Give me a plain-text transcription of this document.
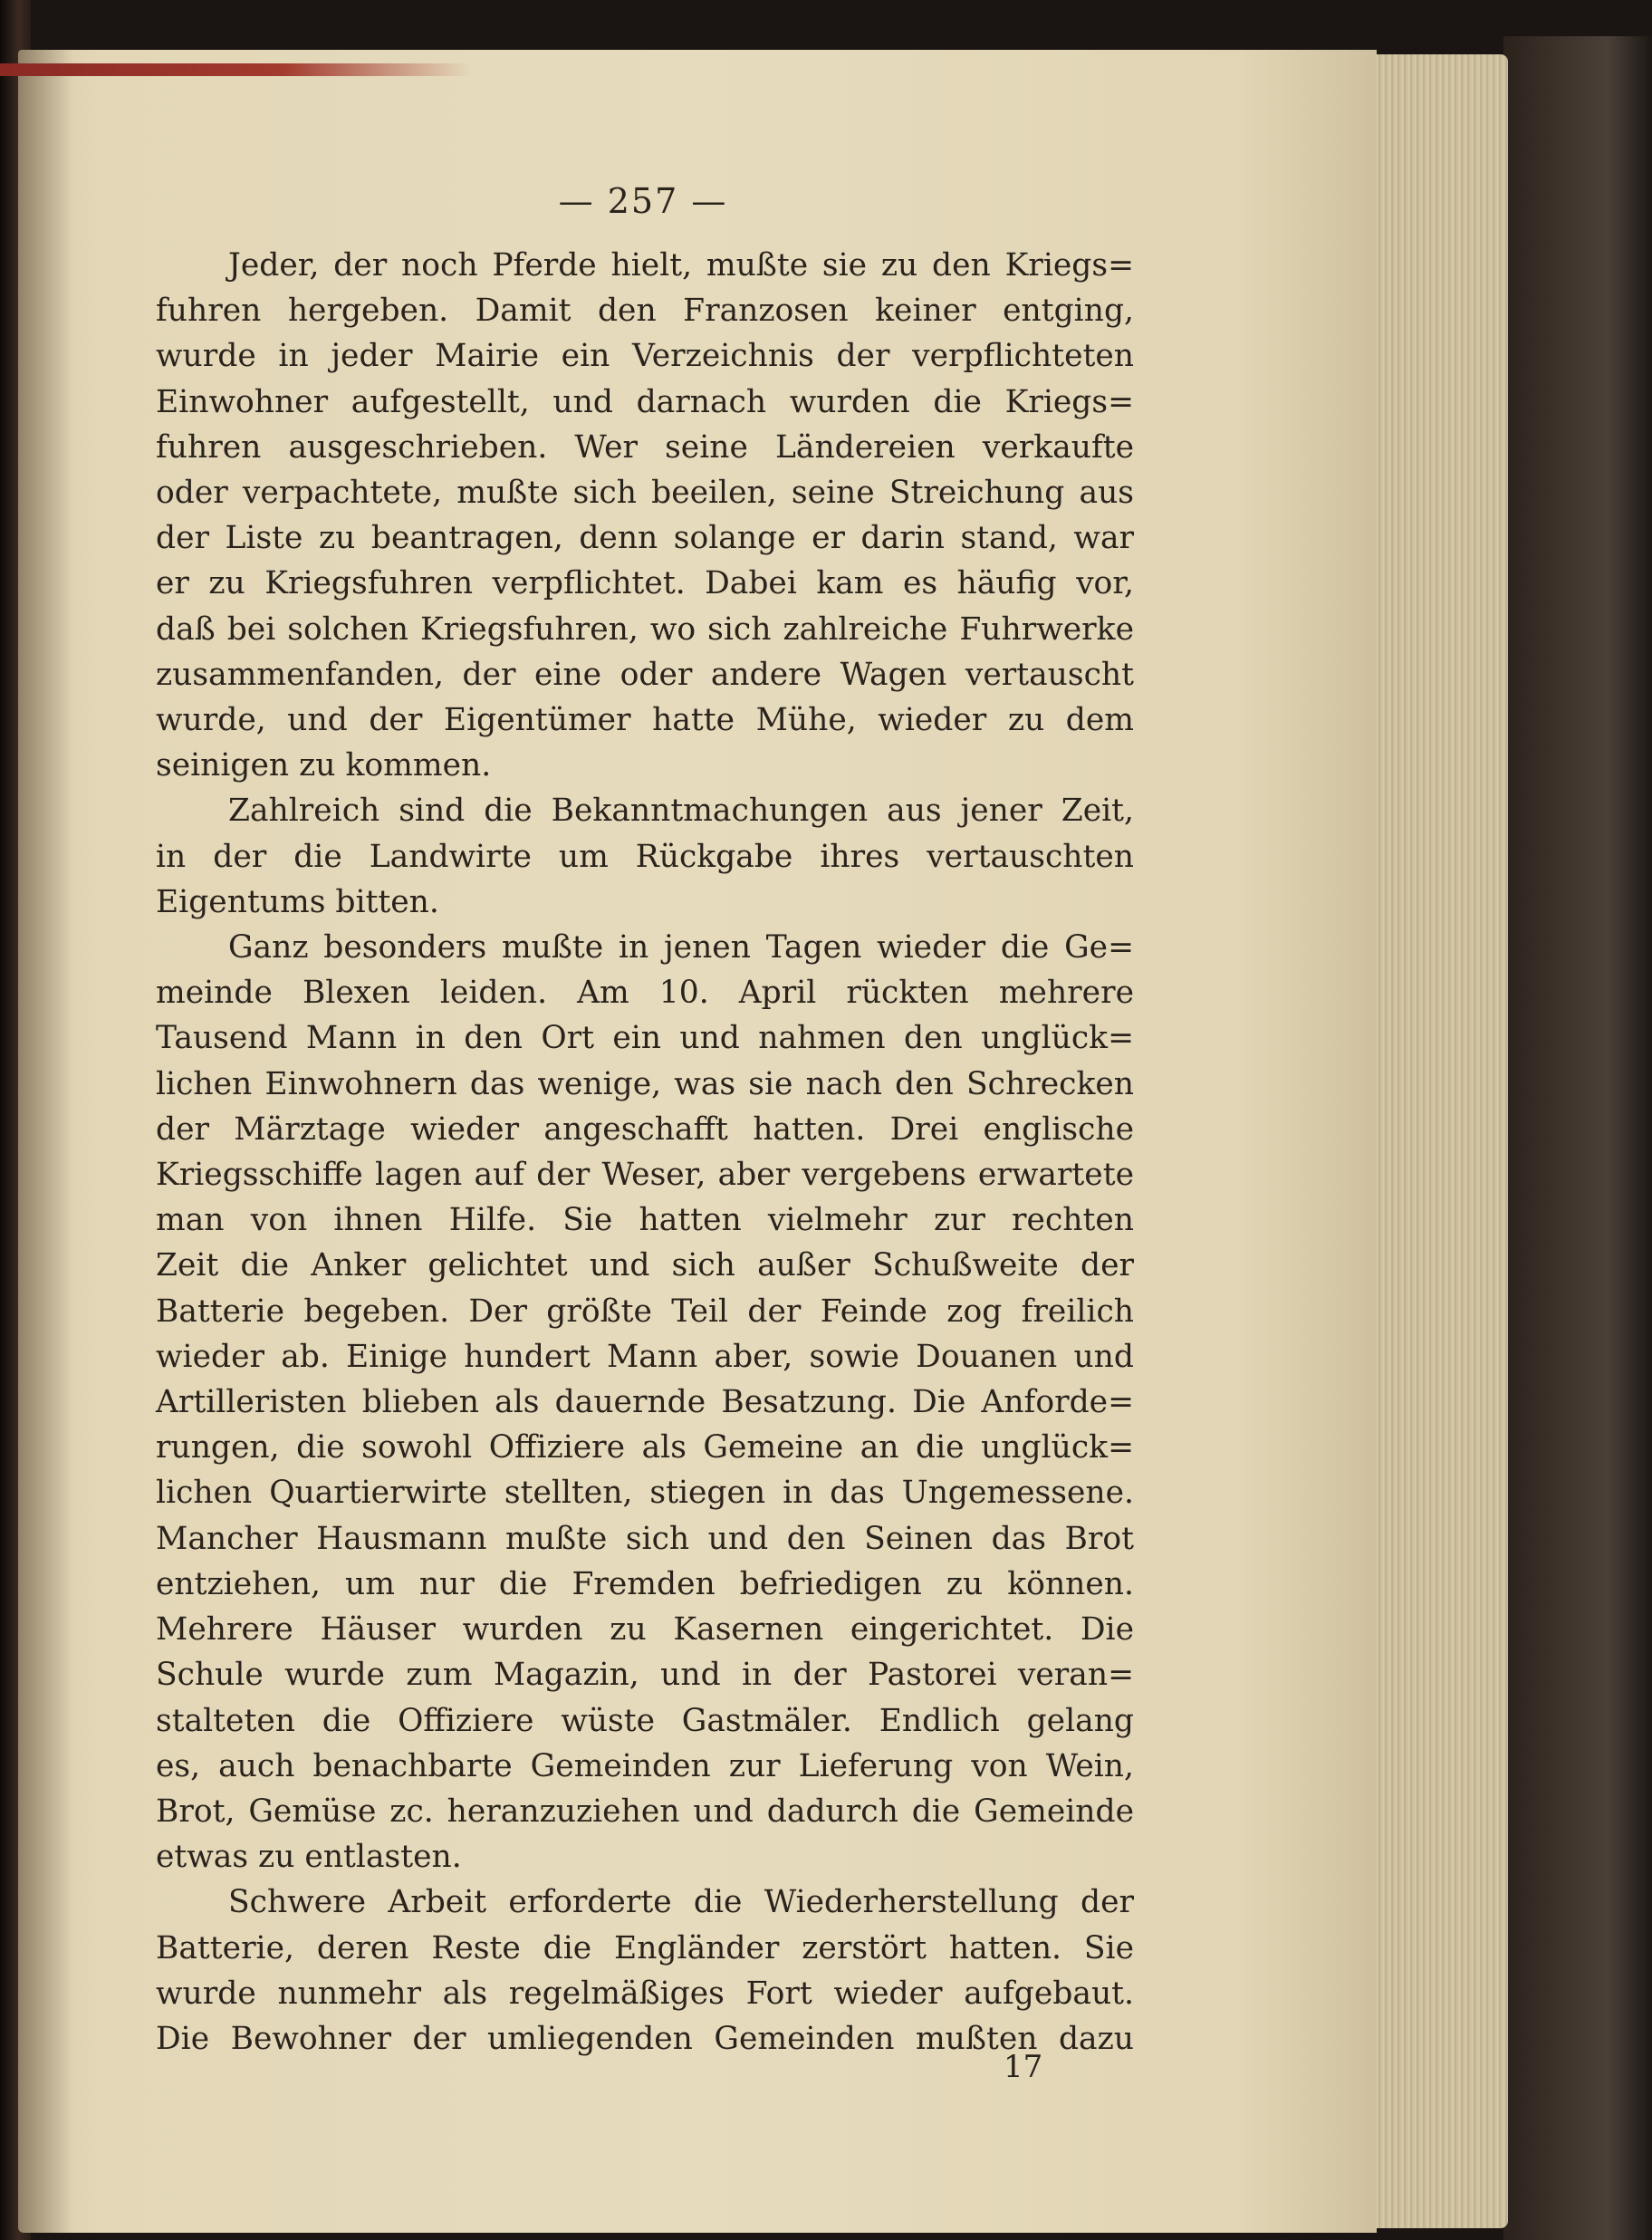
— 257 —
Jeder, der noch Pferde hielt, mußte sie zu den Kriegs=
fuhren hergeben. Damit den Franzosen keiner entging,
wurde in jeder Mairie ein Verzeichnis der verpflichteten
Einwohner aufgestellt, und darnach wurden die Kriegs=
fuhren ausgeschrieben. Wer seine Ländereien verkaufte
oder verpachtete, mußte sich beeilen, seine Streichung aus
der Liste zu beantragen, denn solange er darin stand, war
er zu Kriegsfuhren verpflichtet. Dabei kam es häufig vor,
daß bei solchen Kriegsfuhren, wo sich zahlreiche Fuhrwerke
zusammenfanden, der eine oder andere Wagen vertauscht
wurde, und der Eigentümer hatte Mühe, wieder zu dem
seinigen zu kommen.
Zahlreich sind die Bekanntmachungen aus jener Zeit,
in der die Landwirte um Rückgabe ihres vertauschten
Eigentums bitten.
Ganz besonders mußte in jenen Tagen wieder die Ge=
meinde Blexen leiden. Am 10. April rückten mehrere
Tausend Mann in den Ort ein und nahmen den unglück=
lichen Einwohnern das wenige, was sie nach den Schrecken
der Märztage wieder angeschafft hatten. Drei englische
Kriegsschiffe lagen auf der Weser, aber vergebens erwartete
man von ihnen Hilfe. Sie hatten vielmehr zur rechten
Zeit die Anker gelichtet und sich außer Schußweite der
Batterie begeben. Der größte Teil der Feinde zog freilich
wieder ab. Einige hundert Mann aber, sowie Douanen und
Artilleristen blieben als dauernde Besatzung. Die Anforde=
rungen, die sowohl Offiziere als Gemeine an die unglück=
lichen Quartierwirte stellten, stiegen in das Ungemessene.
Mancher Hausmann mußte sich und den Seinen das Brot
entziehen, um nur die Fremden befriedigen zu können.
Mehrere Häuser wurden zu Kasernen eingerichtet. Die
Schule wurde zum Magazin, und in der Pastorei veran=
stalteten die Offiziere wüste Gastmäler. Endlich gelang
es, auch benachbarte Gemeinden zur Lieferung von Wein,
Brot, Gemüse zc. heranzuziehen und dadurch die Gemeinde
etwas zu entlasten.
Schwere Arbeit erforderte die Wiederherstellung der
Batterie, deren Reste die Engländer zerstört hatten. Sie
wurde nunmehr als regelmäßiges Fort wieder aufgebaut.
Die Bewohner der umliegenden Gemeinden mußten dazu
17
